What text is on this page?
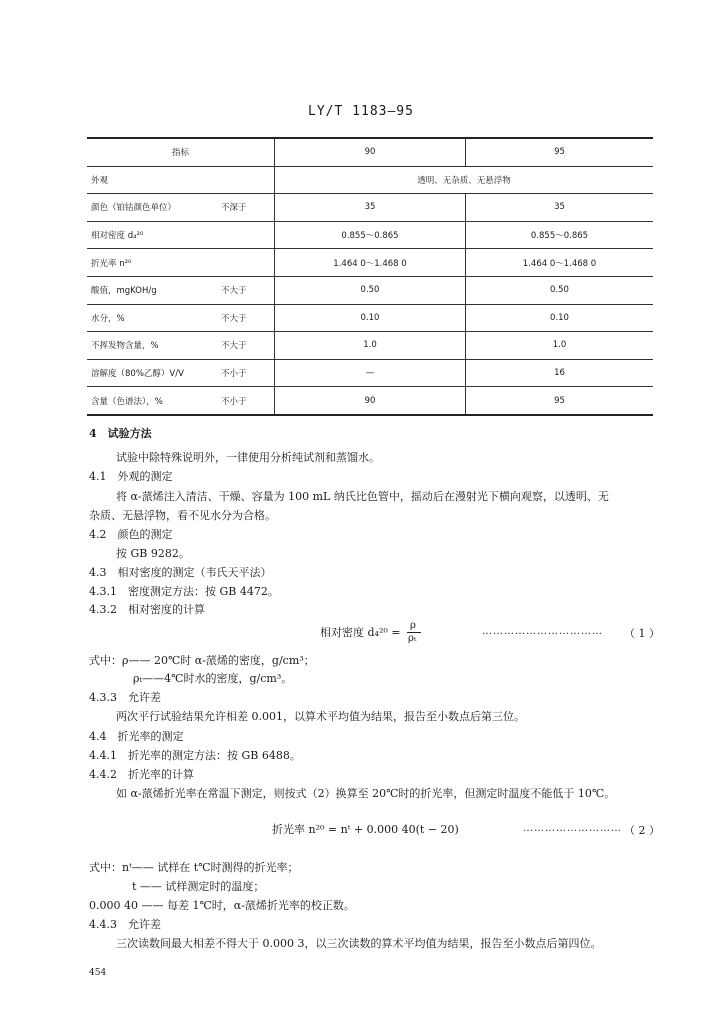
LY/T 1183—95
指标		90	95
外观		透明、无杂质、无悬浮物	
颜色（铂钴颜色单位）	不深于	35	35
相对密度 d₄²⁰		0.855～0.865	0.855～0.865
折光率 n²⁰		1.464 0～1.468 0	1.464 0～1.468 0
酸值，mgKOH/g	不大于	0.50	0.50
水分，%	不大于	0.10	0.10
不挥发物含量，%	不大于	1.0	1.0
溶解度（80%乙醇）V/V	不小于	—	16
含量（色谱法），%	不小于	90	95
4　试验方法
试验中除特殊说明外，一律使用分析纯试剂和蒸馏水。
4.1　外观的测定
将 α-蒎烯注入清洁、干燥、容量为 100 mL 纳氏比色管中，摇动后在漫射光下横向观察，以透明、无
杂质、无悬浮物，看不见水分为合格。
4.2　颜色的测定
按 GB 9282。
4.3　相对密度的测定（韦氏天平法）
4.3.1　密度测定方法：按 GB 4472。
4.3.2　相对密度的计算
相对密度 d₄²⁰ =
ρ
ρₜ
…………………………… （ 1 ）
式中：ρ—— 20℃时 α-蒎烯的密度，g/cm³；
ρₜ——4℃时水的密度，g/cm³。
4.3.3　允许差
两次平行试验结果允许相差 0.001，以算术平均值为结果，报告至小数点后第三位。
4.4　折光率的测定
4.4.1　折光率的测定方法：按 GB 6488。
4.4.2　折光率的计算
如 α-蒎烯折光率在常温下测定，则按式（2）换算至 20℃时的折光率，但测定时温度不能低于 10℃。
折光率 n²⁰ = nᵗ + 0.000 40(t − 20)	……………………… （ 2 ）
式中：nᵗ—— 试样在 t℃时测得的折光率；
t —— 试样测定时的温度；
0.000 40 —— 每差 1℃时，α-蒎烯折光率的校正数。
4.4.3　允许差
三次读数间最大相差不得大于 0.000 3，以三次读数的算术平均值为结果，报告至小数点后第四位。
454
